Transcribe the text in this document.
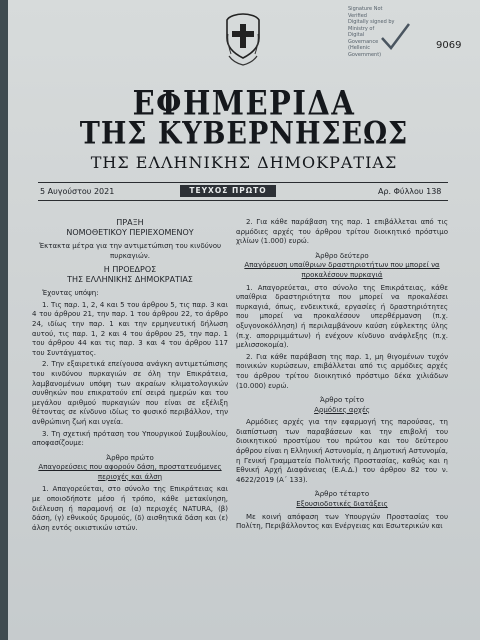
Signature Not
Verified
Digitally signed by
Ministry of
Digital
Governance
(Hellenic
Government)
9069
ΕΦΗΜΕΡΙΔΑ
ΤΗΣ ΚΥΒΕΡΝΗΣΕΩΣ
ΤΗΣ ΕΛΛΗΝΙΚΗΣ ΔΗΜΟΚΡΑΤΙΑΣ
5 Αυγούστου 2021	ΤΕΥΧΟΣ ΠΡΩΤΟ	Αρ. Φύλλου 138
ΠΡΑΞΗ
ΝΟΜΟΘΕΤΙΚΟΥ ΠΕΡΙΕΧΟΜΕΝΟΥ
Έκτακτα μέτρα για την αντιμετώπιση του κινδύνου πυρκαγιών.
Η ΠΡΟΕΔΡΟΣ
ΤΗΣ ΕΛΛΗΝΙΚΗΣ ΔΗΜΟΚΡΑΤΙΑΣ
Έχοντας υπόψη:
1. Τις παρ. 1, 2, 4 και 5 του άρθρου 5, τις παρ. 3 και 4 του άρθρου 21, την παρ. 1 του άρθρου 22, το άρθρο 24, ιδίως την παρ. 1 και την ερμηνευτική δήλωση αυτού, τις παρ. 1, 2 και 4 του άρθρου 25, την παρ. 1 του άρθρου 44 και τις παρ. 3 και 4 του άρθρου 117 του Συντάγματος.
2. Την εξαιρετικά επείγουσα ανάγκη αντιμετώπισης του κινδύνου πυρκαγιών σε όλη την Επικράτεια, λαμβανομένων υπόψη των ακραίων κλιματολογικών συνθηκών που επικρατούν επί σειρά ημερών και του μεγάλου αριθμού πυρκαγιών που είναι σε εξέλιξη θέτοντας σε κίνδυνο ιδίως το φυσικό περιβάλλον, την ανθρώπινη ζωή και υγεία.
3. Τη σχετική πρόταση του Υπουργικού Συμβουλίου, αποφασίζουμε:
Άρθρο πρώτο
Απαγορεύσεις που αφορούν δάση, προστατευόμενες περιοχές και άλση
1. Απαγορεύεται, στο σύνολο της Επικράτειας και με οποιοδήποτε μέσο ή τρόπο, κάθε μετακίνηση, διέλευση ή παραμονή σε (α) περιοχές NATURA, (β) δάση, (γ) εθνικούς δρυμούς, (δ) αισθητικά δάση και (ε) άλση εντός οικιστικών ιστών.
2. Για κάθε παράβαση της παρ. 1 επιβάλλεται από τις αρμόδιες αρχές του άρθρου τρίτου διοικητικό πρόστιμο χιλίων (1.000) ευρώ.
Άρθρο δεύτερο
Απαγόρευση υπαίθριων δραστηριοτήτων που μπορεί να προκαλέσουν πυρκαγιά
1. Απαγορεύεται, στο σύνολο της Επικράτειας, κάθε υπαίθρια δραστηριότητα που μπορεί να προκαλέσει πυρκαγιά, όπως, ενδεικτικά, εργασίες ή δραστηριότητες που μπορεί να προκαλέσουν υπερθέρμανση (π.χ. οξυγονοκόλληση) ή περιλαμβάνουν καύση εύφλεκτης ύλης (π.χ. απορριμμάτων) ή ενέχουν κίνδυνο ανάφλεξης (π.χ. μελισσοκομία).
2. Για κάθε παράβαση της παρ. 1, μη θιγομένων τυχόν ποινικών κυρώσεων, επιβάλλεται από τις αρμόδιες αρχές του άρθρου τρίτου διοικητικό πρόστιμο δέκα χιλιάδων (10.000) ευρώ.
Άρθρο τρίτο
Αρμόδιες αρχές
Αρμόδιες αρχές για την εφαρμογή της παρούσας, τη διαπίστωση των παραβάσεων και την επιβολή του διοικητικού προστίμου του πρώτου και του δεύτερου άρθρου είναι η Ελληνική Αστυνομία, η Δημοτική Αστυνομία, η Γενική Γραμματεία Πολιτικής Προστασίας, καθώς και η Εθνική Αρχή Διαφάνειας (Ε.Α.Δ.) του άρθρου 82 του ν. 4622/2019 (Α΄ 133).
Άρθρο τέταρτο
Εξουσιοδοτικές διατάξεις
Με κοινή απόφαση των Υπουργών Προστασίας του Πολίτη, Περιβάλλοντος και Ενέργειας και Εσωτερικών και
